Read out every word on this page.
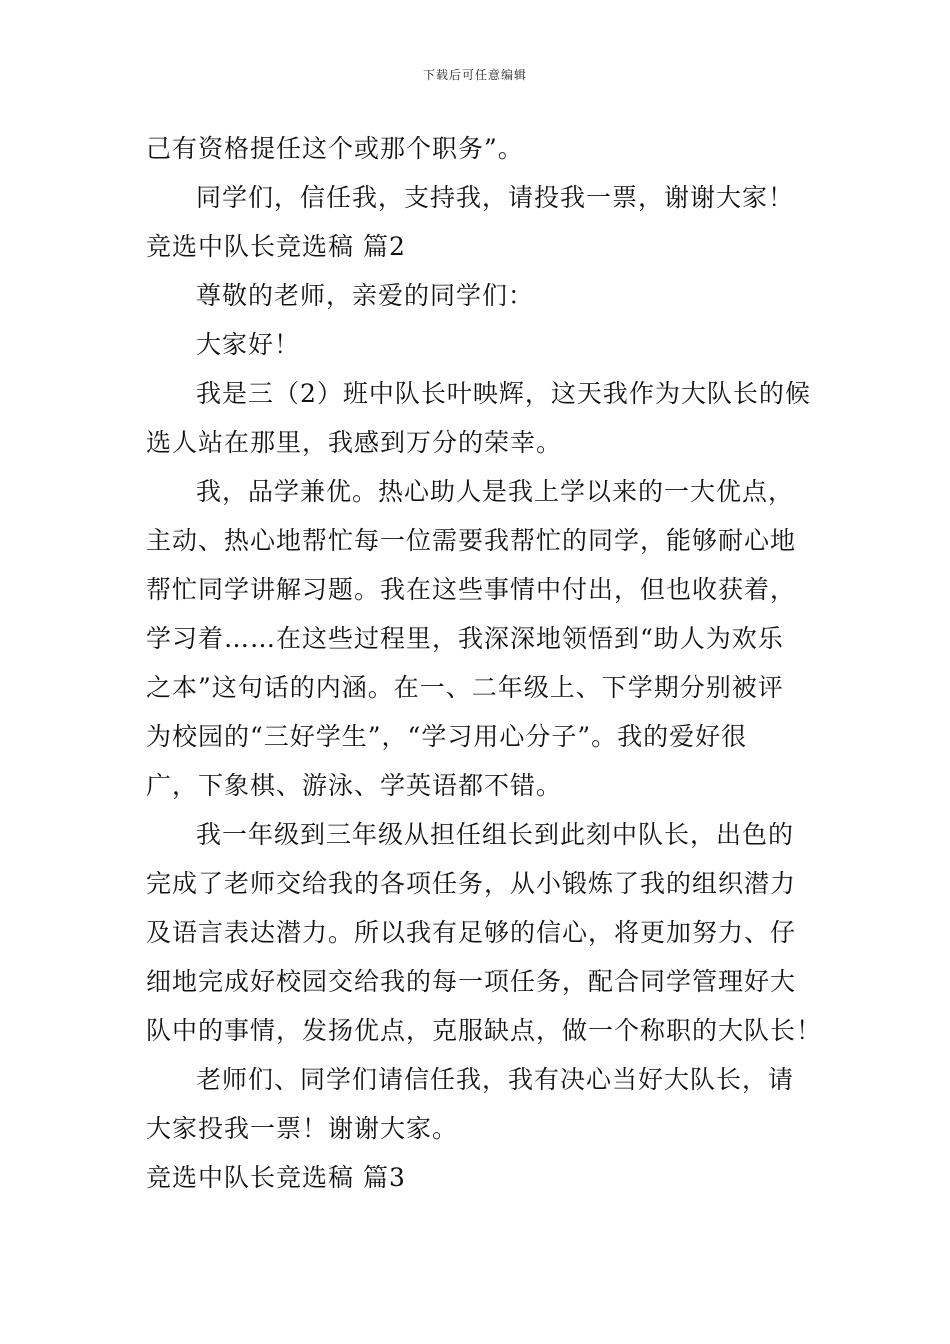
下载后可任意编辑
己有资格提任这个或那个职务”。
同学们，信任我，支持我，请投我一票，谢谢大家！
竞选中队长竞选稿 篇2
尊敬的老师，亲爱的同学们：
大家好！
我是三（2）班中队长叶映辉，这天我作为大队长的候
选人站在那里，我感到万分的荣幸。
我，品学兼优。热心助人是我上学以来的一大优点，
主动、热心地帮忙每一位需要我帮忙的同学，能够耐心地
帮忙同学讲解习题。我在这些事情中付出，但也收获着，
学习着……在这些过程里，我深深地领悟到“助人为欢乐
之本”这句话的内涵。在一、二年级上、下学期分别被评
为校园的“三好学生”，“学习用心分子”。我的爱好很
广，下象棋、游泳、学英语都不错。
我一年级到三年级从担任组长到此刻中队长，出色的
完成了老师交给我的各项任务，从小锻炼了我的组织潜力
及语言表达潜力。所以我有足够的信心，将更加努力、仔
细地完成好校园交给我的每一项任务，配合同学管理好大
队中的事情，发扬优点，克服缺点，做一个称职的大队长！
老师们、同学们请信任我，我有决心当好大队长，请
大家投我一票！谢谢大家。
竞选中队长竞选稿 篇3
